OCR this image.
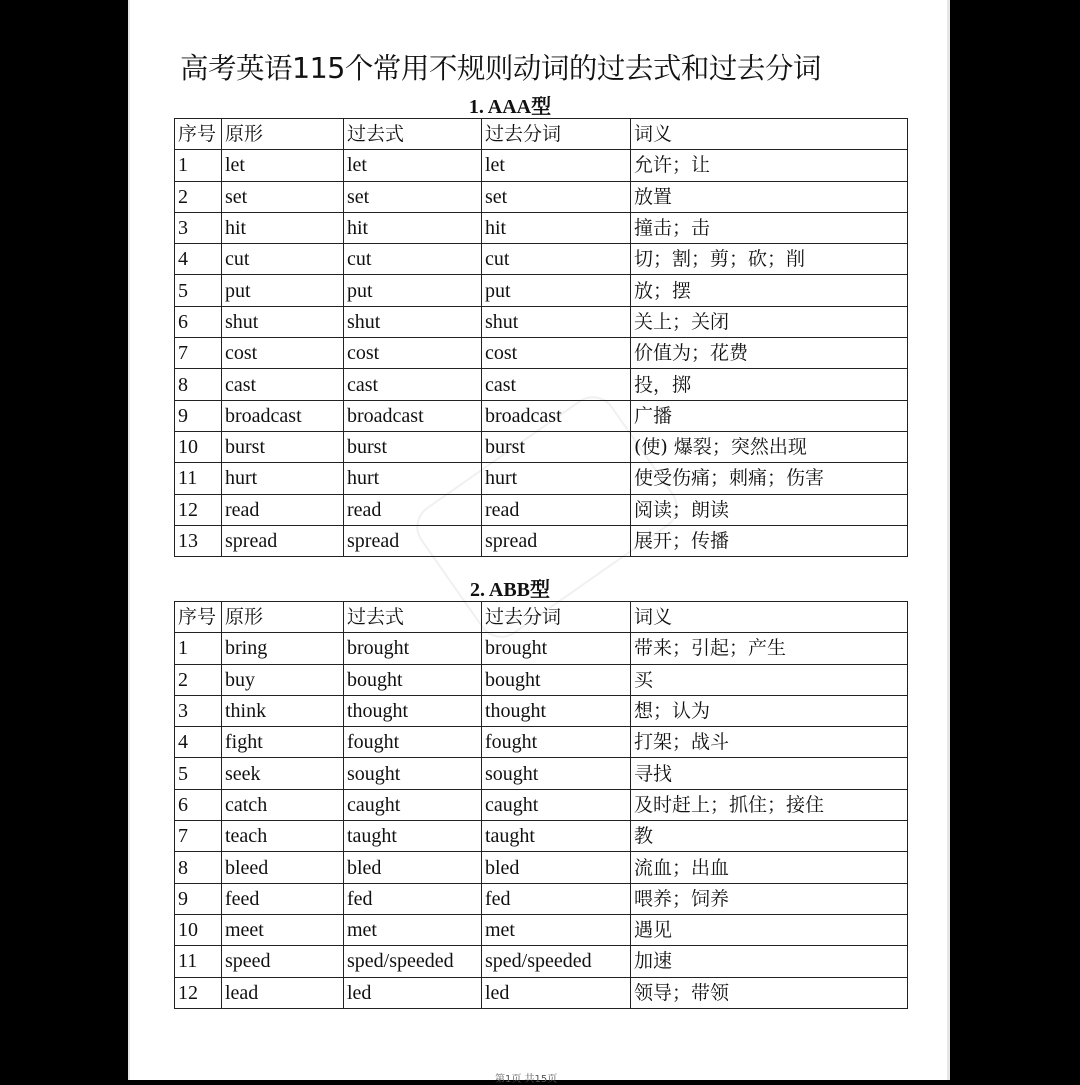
高考英语115个常用不规则动词的过去式和过去分词
1. AAA型
序号	原形	过去式	过去分词	词义
1	let	let	let	允许；让
2	set	set	set	放置
3	hit	hit	hit	撞击；击
4	cut	cut	cut	切；割；剪；砍；削
5	put	put	put	放；摆
6	shut	shut	shut	关上；关闭
7	cost	cost	cost	价值为；花费
8	cast	cast	cast	投，掷
9	broadcast	broadcast	broadcast	广播
10	burst	burst	burst	(使) 爆裂；突然出现
11	hurt	hurt	hurt	使受伤痛；刺痛；伤害
12	read	read	read	阅读；朗读
13	spread	spread	spread	展开；传播
2. ABB型
序号	原形	过去式	过去分词	词义
1	bring	brought	brought	带来；引起；产生
2	buy	bought	bought	买
3	think	thought	thought	想；认为
4	fight	fought	fought	打架；战斗
5	seek	sought	sought	寻找
6	catch	caught	caught	及时赶上；抓住；接住
7	teach	taught	taught	教
8	bleed	bled	bled	流血；出血
9	feed	fed	fed	喂养；饲养
10	meet	met	met	遇见
11	speed	sped/speeded	sped/speeded	加速
12	lead	led	led	领导；带领
第1页 共15页
